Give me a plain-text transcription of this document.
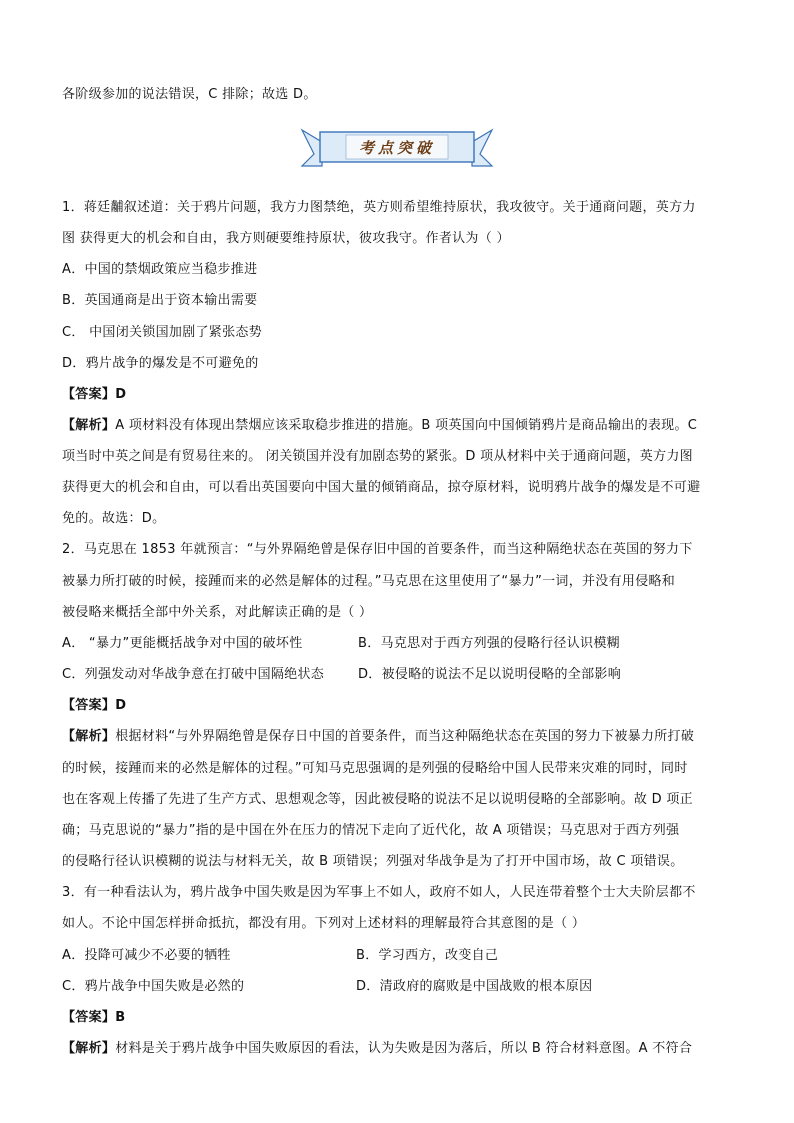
各阶级参加的说法错误，C 排除；故选 D。
考点突破
1．蒋廷黼叙述道：关于鸦片问题，我方力图禁绝，英方则希望维持原状，我攻彼守。关于通商问题，英方力
图 获得更大的机会和自由，我方则硬要维持原状，彼攻我守。作者认为（ ）
A．中国的禁烟政策应当稳步推进
B．英国通商是出于资本输出需要
C． 中国闭关锁国加剧了紧张态势
D．鸦片战争的爆发是不可避免的
【答案】D
【解析】A 项材料没有体现出禁烟应该采取稳步推进的措施。B 项英国向中国倾销鸦片是商品输出的表现。C
项当时中英之间是有贸易往来的。 闭关锁国并没有加剧态势的紧张。D 项从材料中关于通商问题，英方力图
获得更大的机会和自由，可以看出英国要向中国大量的倾销商品，掠夺原材料，说明鸦片战争的爆发是不可避
免的。故选：D。
2．马克思在 1853 年就预言：“与外界隔绝曾是保存旧中国的首要条件，而当这种隔绝状态在英国的努力下
被暴力所打破的时候，接踵而来的必然是解体的过程。”马克思在这里使用了“暴力”一词，并没有用侵略和
被侵略来概括全部中外关系，对此解读正确的是（ ）
A． “暴力”更能概括战争对中国的破坏性	B．马克思对于西方列强的侵略行径认识模糊
C．列强发动对华战争意在打破中国隔绝状态	D．被侵略的说法不足以说明侵略的全部影响
【答案】D
【解析】根据材料“与外界隔绝曾是保存日中国的首要条件，而当这种隔绝状态在英国的努力下被暴力所打破
的时候，接踵而来的必然是解体的过程。”可知马克思强调的是列强的侵略给中国人民带来灾难的同时，同时
也在客观上传播了先进了生产方式、思想观念等，因此被侵略的说法不足以说明侵略的全部影响。故 D 项正
确；马克思说的“暴力”指的是中国在外在压力的情况下走向了近代化，故 A 项错误；马克思对于西方列强
的侵略行径认识模糊的说法与材料无关，故 B 项错误；列强对华战争是为了打开中国市场，故 C 项错误。
3．有一种看法认为，鸦片战争中国失败是因为军事上不如人，政府不如人，人民连带着整个士大夫阶层都不
如人。不论中国怎样拼命抵抗，都没有用。下列对上述材料的理解最符合其意图的是（ ）
A．投降可减少不必要的牺牲	B．学习西方，改变自己
C．鸦片战争中国失败是必然的	D．清政府的腐败是中国战败的根本原因
【答案】B
【解析】材料是关于鸦片战争中国失败原因的看法，认为失败是因为落后，所以 B 符合材料意图。A 不符合
